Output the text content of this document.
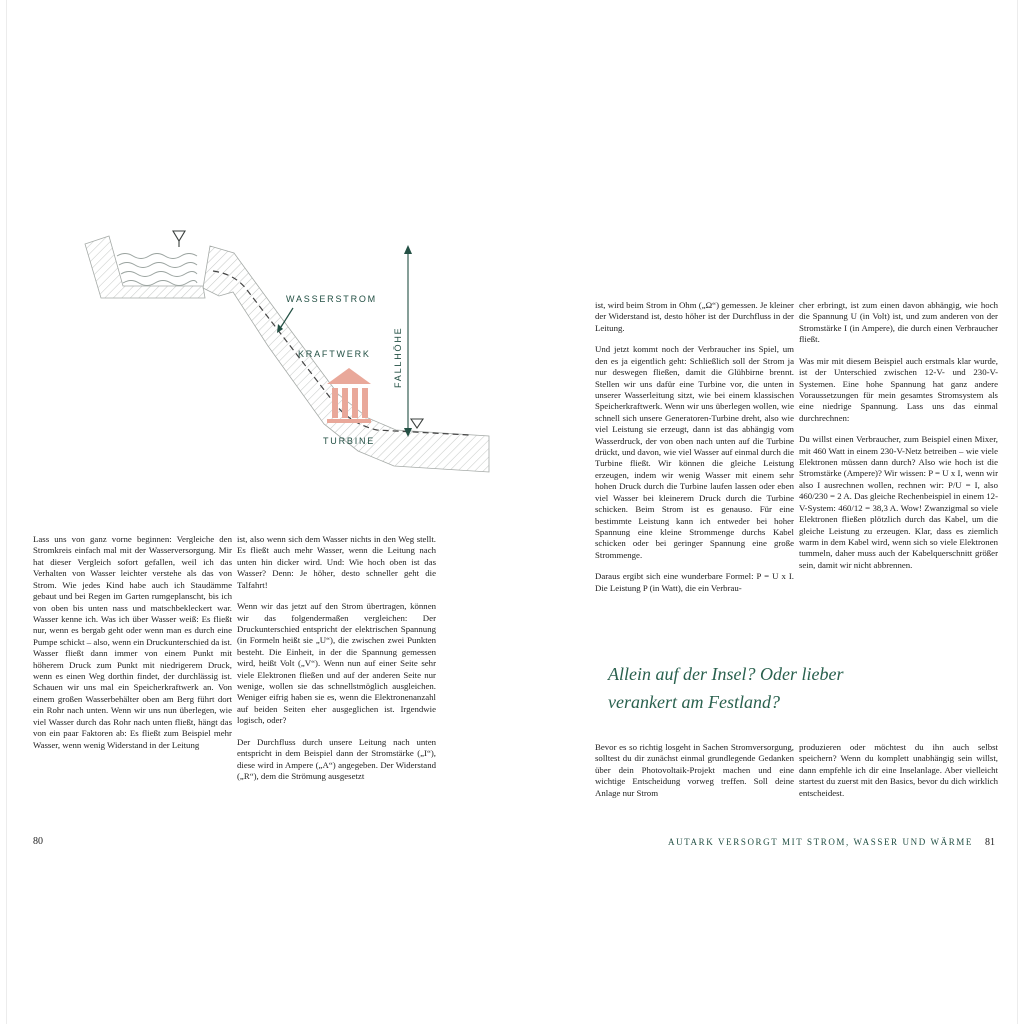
WASSERSTROM
KRAFTWERK
TURBINE
FALLHÖHE

Lass uns von ganz vorne beginnen: Vergleiche den Stromkreis einfach mal mit der Wasserversorgung. Mir hat dieser Vergleich sofort gefallen, weil ich das Verhalten von Wasser leichter verstehe als das von Strom. Wie jedes Kind habe auch ich Staudämme gebaut und bei Regen im Garten rumgeplanscht, bis ich von oben bis unten nass und matschbekleckert war. Wasser kenne ich. Was ich über Wasser weiß: Es fließt nur, wenn es bergab geht oder wenn man es durch eine Pumpe schickt – also, wenn ein Druckunterschied da ist. Wasser fließt dann immer von einem Punkt mit höherem Druck zum Punkt mit niedrigerem Druck, wenn es einen Weg dorthin findet, der durchlässig ist. Schauen wir uns mal ein Speicherkraftwerk an. Von einem großen Wasserbehälter oben am Berg führt dort ein Rohr nach unten. Wenn wir uns nun überlegen, wie viel Wasser durch das Rohr nach unten fließt, hängt das von ein paar Faktoren ab: Es fließt zum Beispiel mehr Wasser, wenn wenig Widerstand in der Leitung

ist, also wenn sich dem Wasser nichts in den Weg stellt. Es fließt auch mehr Wasser, wenn die Leitung nach unten hin dicker wird. Und: Wie hoch oben ist das Wasser? Denn: Je höher, desto schneller geht die Talfahrt!

Wenn wir das jetzt auf den Strom übertragen, können wir das folgendermaßen vergleichen: Der Druckunterschied entspricht der elektrischen Spannung (in Formeln heißt sie „U“), die zwischen zwei Punkten besteht. Die Einheit, in der die Spannung gemessen wird, heißt Volt („V“). Wenn nun auf einer Seite sehr viele Elektronen fließen und auf der anderen Seite nur wenige, wollen sie das schnellstmöglich ausgleichen. Weniger eifrig haben sie es, wenn die Elektronenanzahl auf beiden Seiten eher ausgeglichen ist. Irgendwie logisch, oder?

Der Durchfluss durch unsere Leitung nach unten entspricht in dem Beispiel dann der Stromstärke („I“), diese wird in Ampere („A“) angegeben. Der Widerstand („R“), dem die Strömung ausgesetzt

80

ist, wird beim Strom in Ohm („Ω“) gemessen. Je kleiner der Widerstand ist, desto höher ist der Durchfluss in der Leitung.

Und jetzt kommt noch der Verbraucher ins Spiel, um den es ja eigentlich geht: Schließlich soll der Strom ja nur deswegen fließen, damit die Glühbirne brennt. Stellen wir uns dafür eine Turbine vor, die unten in unserer Wasserleitung sitzt, wie bei einem klassischen Speicherkraftwerk. Wenn wir uns überlegen wollen, wie schnell sich unsere Generatoren-Turbine dreht, also wie viel Leistung sie erzeugt, dann ist das abhängig vom Wasserdruck, der von oben nach unten auf die Turbine drückt, und davon, wie viel Wasser auf einmal durch die Turbine fließt. Wir können die gleiche Leistung erzeugen, indem wir wenig Wasser mit einem sehr hohen Druck durch die Turbine laufen lassen oder eben viel Wasser bei kleinerem Druck durch die Turbine schicken. Beim Strom ist es genauso. Für eine bestimmte Leistung kann ich entweder bei hoher Spannung eine kleine Strommenge durchs Kabel schicken oder bei geringer Spannung eine große Strommenge.

Daraus ergibt sich eine wunderbare Formel: P = U x I. Die Leistung P (in Watt), die ein Verbrau-

cher erbringt, ist zum einen davon abhängig, wie hoch die Spannung U (in Volt) ist, und zum anderen von der Stromstärke I (in Ampere), die durch einen Verbraucher fließt.

Was mir mit diesem Beispiel auch erstmals klar wurde, ist der Unterschied zwischen 12-V- und 230-V-Systemen. Eine hohe Spannung hat ganz andere Voraussetzungen für mein gesamtes Stromsystem als eine niedrige Spannung. Lass uns das einmal durchrechnen:

Du willst einen Verbraucher, zum Beispiel einen Mixer, mit 460 Watt in einem 230-V-Netz betreiben – wie viele Elektronen müssen dann durch? Also wie hoch ist die Stromstärke (Ampere)? Wir wissen: P = U x I, wenn wir also I ausrechnen wollen, rechnen wir: P/U = I, also 460/230 = 2 A. Das gleiche Rechenbeispiel in einem 12-V-System: 460/12 = 38,3 A. Wow! Zwanzigmal so viele Elektronen fließen plötzlich durch das Kabel, um die gleiche Leistung zu erzeugen. Klar, dass es ziemlich warm in dem Kabel wird, wenn sich so viele Elektronen tummeln, daher muss auch der Kabelquerschnitt größer sein, damit wir nicht abbrennen.

Allein auf der Insel? Oder lieber
verankert am Festland?

Bevor es so richtig losgeht in Sachen Stromversorgung, solltest du dir zunächst einmal grundlegende Gedanken über dein Photovoltaik-Projekt machen und eine wichtige Entscheidung vorweg treffen. Soll deine Anlage nur Strom

produzieren oder möchtest du ihn auch selbst speichern? Wenn du komplett unabhängig sein willst, dann empfehle ich dir eine Inselanlage. Aber vielleicht startest du zuerst mit den Basics, bevor du dich wirklich entscheidest.

AUTARK VERSORGT MIT STROM, WASSER UND WÄRME 81
